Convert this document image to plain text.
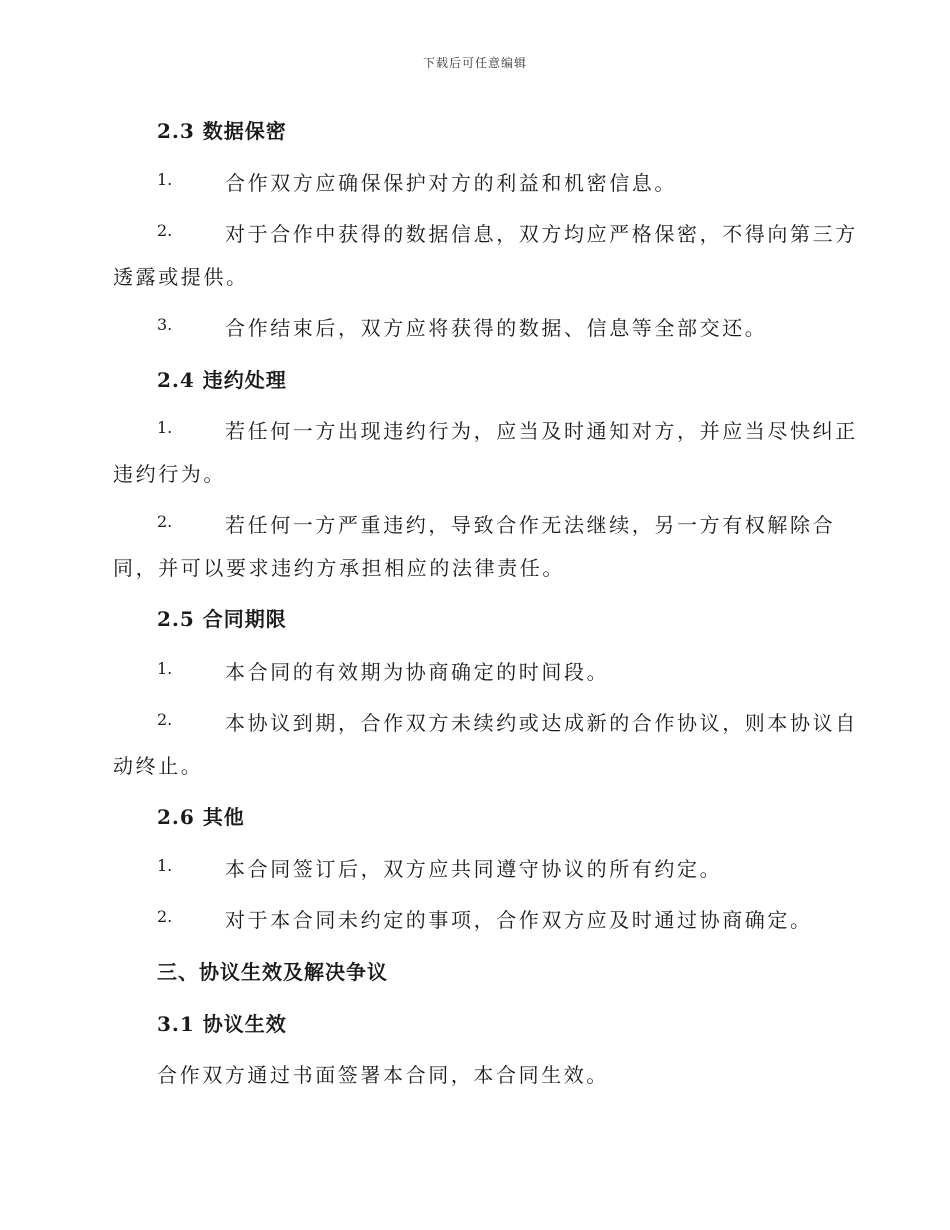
下载后可任意编辑
2.3 数据保密
1.	合作双方应确保保护对方的利益和机密信息。
2.	对于合作中获得的数据信息，双方均应严格保密，不得向第三方
透露或提供。
3.	合作结束后，双方应将获得的数据、信息等全部交还。
2.4 违约处理
1.	若任何一方出现违约行为，应当及时通知对方，并应当尽快纠正
违约行为。
2.	若任何一方严重违约，导致合作无法继续，另一方有权解除合
同，并可以要求违约方承担相应的法律责任。
2.5 合同期限
1.	本合同的有效期为协商确定的时间段。
2.	本协议到期，合作双方未续约或达成新的合作协议，则本协议自
动终止。
2.6 其他
1.	本合同签订后，双方应共同遵守协议的所有约定。
2.	对于本合同未约定的事项，合作双方应及时通过协商确定。
三、协议生效及解决争议
3.1 协议生效
合作双方通过书面签署本合同，本合同生效。
